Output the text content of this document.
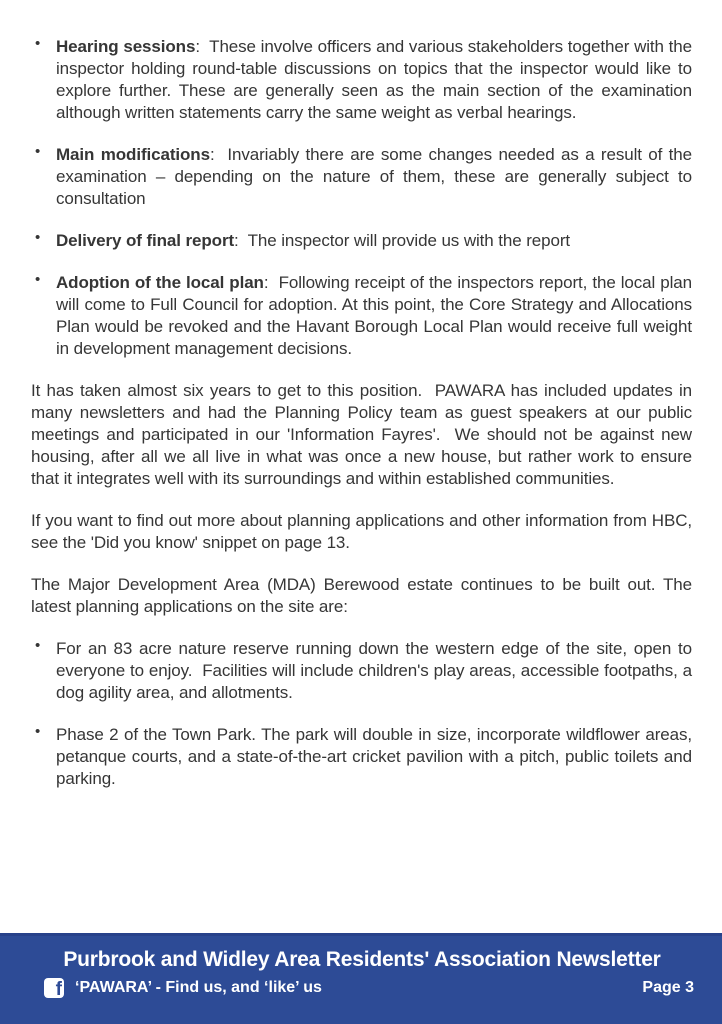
• Hearing sessions:  These involve officers and various stakeholders together with the inspector holding round-table discussions on topics that the inspector would like to explore further. These are generally seen as the main section of the examination although written statements carry the same weight as verbal hearings.

• Main modifications:  Invariably there are some changes needed as a result of the examination – depending on the nature of them, these are generally subject to consultation

• Delivery of final report:  The inspector will provide us with the report

• Adoption of the local plan:  Following receipt of the inspectors report, the local plan will come to Full Council for adoption. At this point, the Core Strategy and Allocations Plan would be revoked and the Havant Borough Local Plan would receive full weight in development management decisions.

It has taken almost six years to get to this position.  PAWARA has included updates in many newsletters and had the Planning Policy team as guest speakers at our public meetings and participated in our 'Information Fayres'.  We should not be against new housing, after all we all live in what was once a new house, but rather work to ensure that it integrates well with its surroundings and within established communities.

If you want to find out more about planning applications and other information from HBC, see the 'Did you know' snippet on page 13.

The Major Development Area (MDA) Berewood estate continues to be built out. The latest planning applications on the site are:

• For an 83 acre nature reserve running down the western edge of the site, open to everyone to enjoy.  Facilities will include children's play areas, accessible footpaths, a dog agility area, and allotments.

• Phase 2 of the Town Park. The park will double in size, incorporate wildflower areas, petanque courts, and a state-of-the-art cricket pavilion with a pitch, public toilets and parking.

Purbrook and Widley Area Residents' Association Newsletter
f ‘PAWARA’ - Find us, and ‘like’ us	Page 3
